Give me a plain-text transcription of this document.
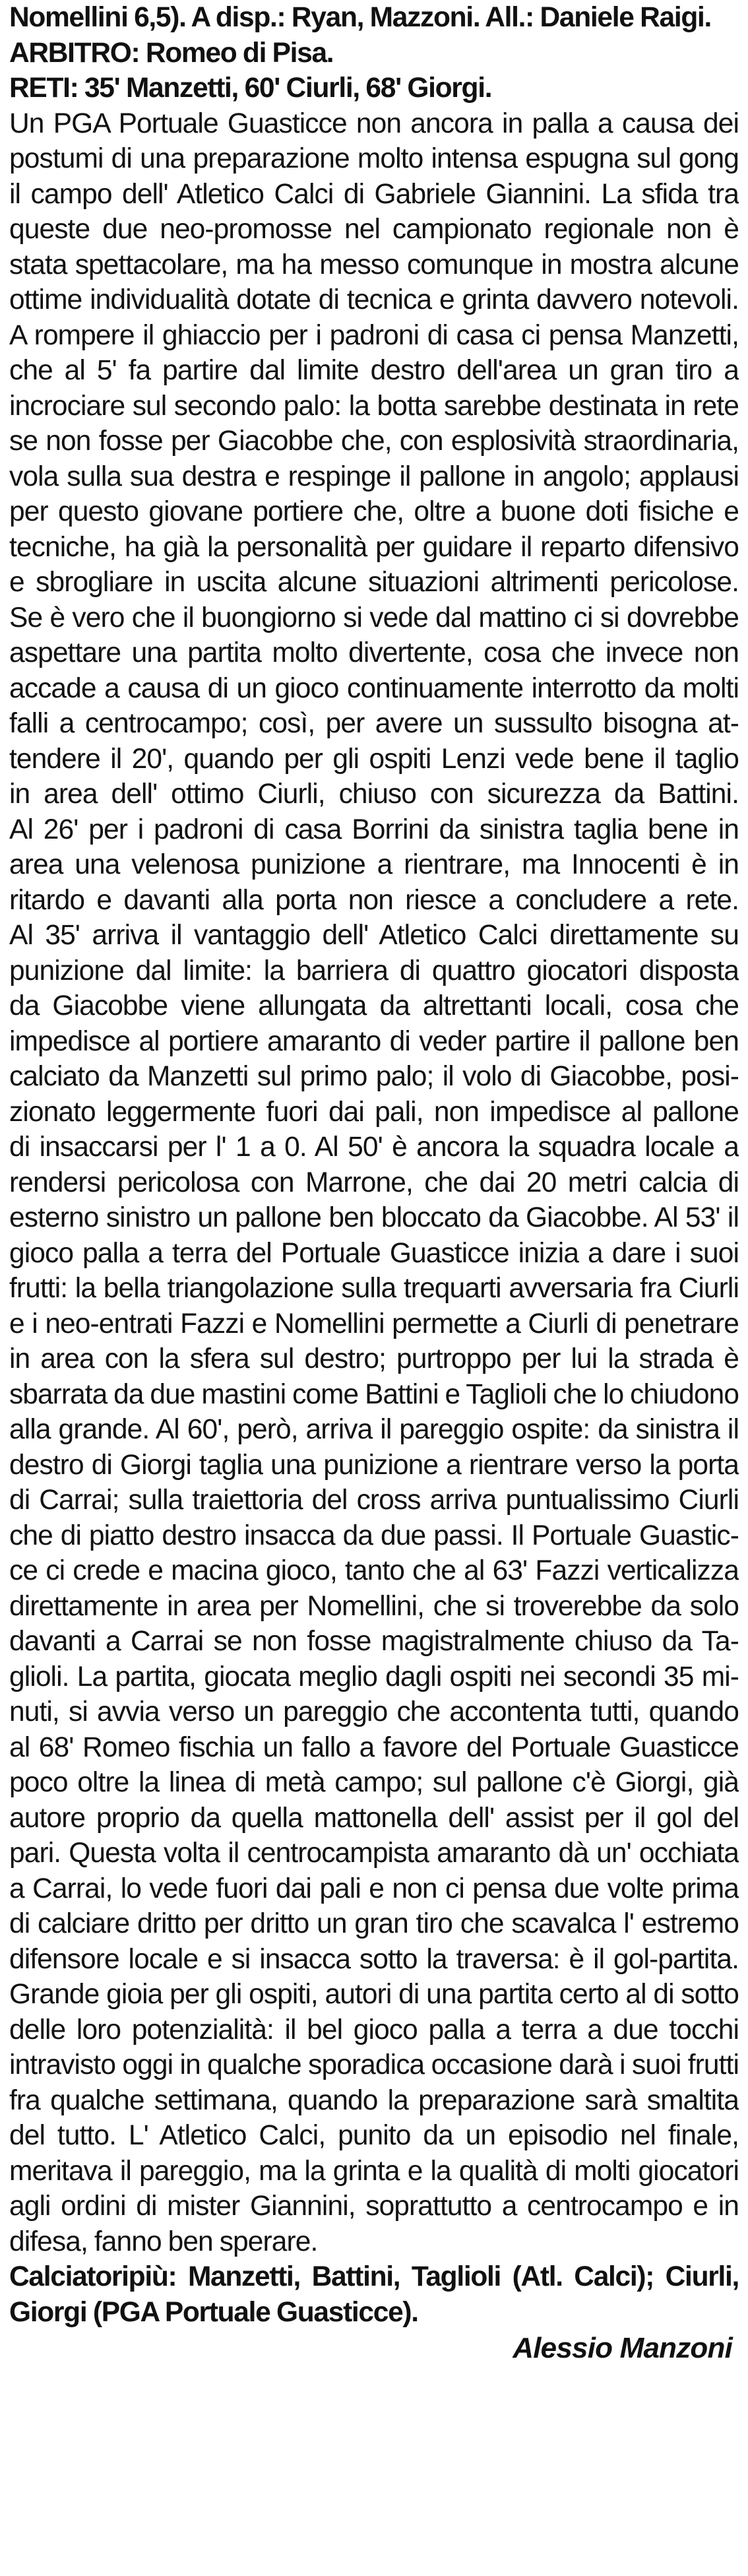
Nomellini 6,5). A disp.: Ryan, Mazzoni. All.: Daniele Raigi.
ARBITRO: Romeo di Pisa.
RETI: 35' Manzetti, 60' Ciurli, 68' Giorgi.
Un PGA Portuale Guasticce non ancora in palla a causa dei
postumi di una preparazione molto intensa espugna sul gong
il campo dell' Atletico Calci di Gabriele Giannini. La sfida tra
queste due neo-promosse nel campionato regionale non è
stata spettacolare, ma ha messo comunque in mostra alcune
ottime individualità dotate di tecnica e grinta davvero notevoli.
A rompere il ghiaccio per i padroni di casa ci pensa Manzetti,
che al 5' fa partire dal limite destro dell'area un gran tiro a
incrociare sul secondo palo: la botta sarebbe destinata in rete
se non fosse per Giacobbe che, con esplosività straordinaria,
vola sulla sua destra e respinge il pallone in angolo; applausi
per questo giovane portiere che, oltre a buone doti fisiche e
tecniche, ha già la personalità per guidare il reparto difensivo
e sbrogliare in uscita alcune situazioni altrimenti pericolose.
Se è vero che il buongiorno si vede dal mattino ci si dovrebbe
aspettare una partita molto divertente, cosa che invece non
accade a causa di un gioco continuamente interrotto da molti
falli a centrocampo; così, per avere un sussulto bisogna at-
tendere il 20', quando per gli ospiti Lenzi vede bene il taglio
in area dell' ottimo Ciurli, chiuso con sicurezza da Battini.
Al 26' per i padroni di casa Borrini da sinistra taglia bene in
area una velenosa punizione a rientrare, ma Innocenti è in
ritardo e davanti alla porta non riesce a concludere a rete.
Al 35' arriva il vantaggio dell' Atletico Calci direttamente su
punizione dal limite: la barriera di quattro giocatori disposta
da Giacobbe viene allungata da altrettanti locali, cosa che
impedisce al portiere amaranto di veder partire il pallone ben
calciato da Manzetti sul primo palo; il volo di Giacobbe, posi-
zionato leggermente fuori dai pali, non impedisce al pallone
di insaccarsi per l' 1 a 0. Al 50' è ancora la squadra locale a
rendersi pericolosa con Marrone, che dai 20 metri calcia di
esterno sinistro un pallone ben bloccato da Giacobbe. Al 53' il
gioco palla a terra del Portuale Guasticce inizia a dare i suoi
frutti: la bella triangolazione sulla trequarti avversaria fra Ciurli
e i neo-entrati Fazzi e Nomellini permette a Ciurli di penetrare
in area con la sfera sul destro; purtroppo per lui la strada è
sbarrata da due mastini come Battini e Taglioli che lo chiudono
alla grande. Al 60', però, arriva il pareggio ospite: da sinistra il
destro di Giorgi taglia una punizione a rientrare verso la porta
di Carrai; sulla traiettoria del cross arriva puntualissimo Ciurli
che di piatto destro insacca da due passi. Il Portuale Guastic-
ce ci crede e macina gioco, tanto che al 63' Fazzi verticalizza
direttamente in area per Nomellini, che si troverebbe da solo
davanti a Carrai se non fosse magistralmente chiuso da Ta-
glioli. La partita, giocata meglio dagli ospiti nei secondi 35 mi-
nuti, si avvia verso un pareggio che accontenta tutti, quando
al 68' Romeo fischia un fallo a favore del Portuale Guasticce
poco oltre la linea di metà campo; sul pallone c'è Giorgi, già
autore proprio da quella mattonella dell' assist per il gol del
pari. Questa volta il centrocampista amaranto dà un' occhiata
a Carrai, lo vede fuori dai pali e non ci pensa due volte prima
di calciare dritto per dritto un gran tiro che scavalca l' estremo
difensore locale e si insacca sotto la traversa: è il gol-partita.
Grande gioia per gli ospiti, autori di una partita certo al di sotto
delle loro potenzialità: il bel gioco palla a terra a due tocchi
intravisto oggi in qualche sporadica occasione darà i suoi frutti
fra qualche settimana, quando la preparazione sarà smaltita
del tutto. L' Atletico Calci, punito da un episodio nel finale,
meritava il pareggio, ma la grinta e la qualità di molti giocatori
agli ordini di mister Giannini, soprattutto a centrocampo e in
difesa, fanno ben sperare.
Calciatoripiù: Manzetti, Battini, Taglioli (Atl. Calci); Ciurli,
Giorgi (PGA Portuale Guasticce).
Alessio Manzoni
